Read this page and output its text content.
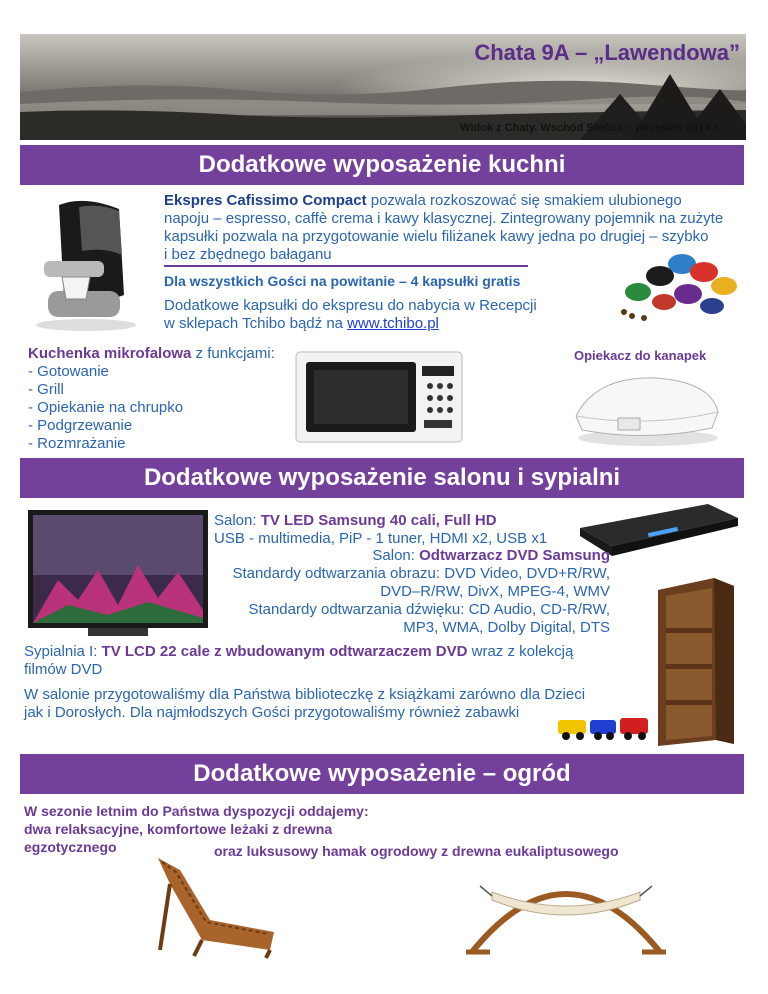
Chata 9A – „Lawendowa”
Widok z Chaty. Wschód Słońca – Wrzesień 2014 r.
Dodatkowe wyposażenie kuchni
Ekspres Cafissimo Compact pozwala rozkoszować się smakiem ulubionego
napoju – espresso, caffè crema i kawy klasycznej. Zintegrowany pojemnik na zużyte
kapsułki pozwala na przygotowanie wielu filiżanek kawy jedna po drugiej – szybko
i bez zbędnego bałaganu
Dla wszystkich Gości na powitanie – 4 kapsułki gratis
Dodatkowe kapsułki do ekspresu do nabycia w Recepcji
w sklepach Tchibo bądź na www.tchibo.pl
Kuchenka mikrofalowa z funkcjami:
- Gotowanie
- Grill
- Opiekanie na chrupko
- Podgrzewanie
- Rozmrażanie
Opiekacz do kanapek
Dodatkowe wyposażenie salonu i sypialni
Salon: TV LED Samsung 40 cali, Full HD
USB - multimedia, PiP - 1 tuner, HDMI x2, USB x1
Salon: Odtwarzacz DVD Samsung
Standardy odtwarzania obrazu: DVD Video, DVD+R/RW,
DVD–R/RW, DivX, MPEG-4, WMV
Standardy odtwarzania dźwięku: CD Audio, CD-R/RW,
MP3, WMA, Dolby Digital, DTS
Sypialnia I: TV LCD 22 cale z wbudowanym odtwarzaczem DVD wraz z kolekcją
filmów DVD
W salonie przygotowaliśmy dla Państwa biblioteczkę z książkami zarówno dla Dzieci
jak i Dorosłych. Dla najmłodszych Gości przygotowaliśmy również zabawki
Dodatkowe wyposażenie – ogród
W sezonie letnim do Państwa dyspozycji oddajemy:
dwa relaksacyjne, komfortowe leżaki z drewna
egzotycznego	oraz luksusowy hamak ogrodowy z drewna eukaliptusowego
